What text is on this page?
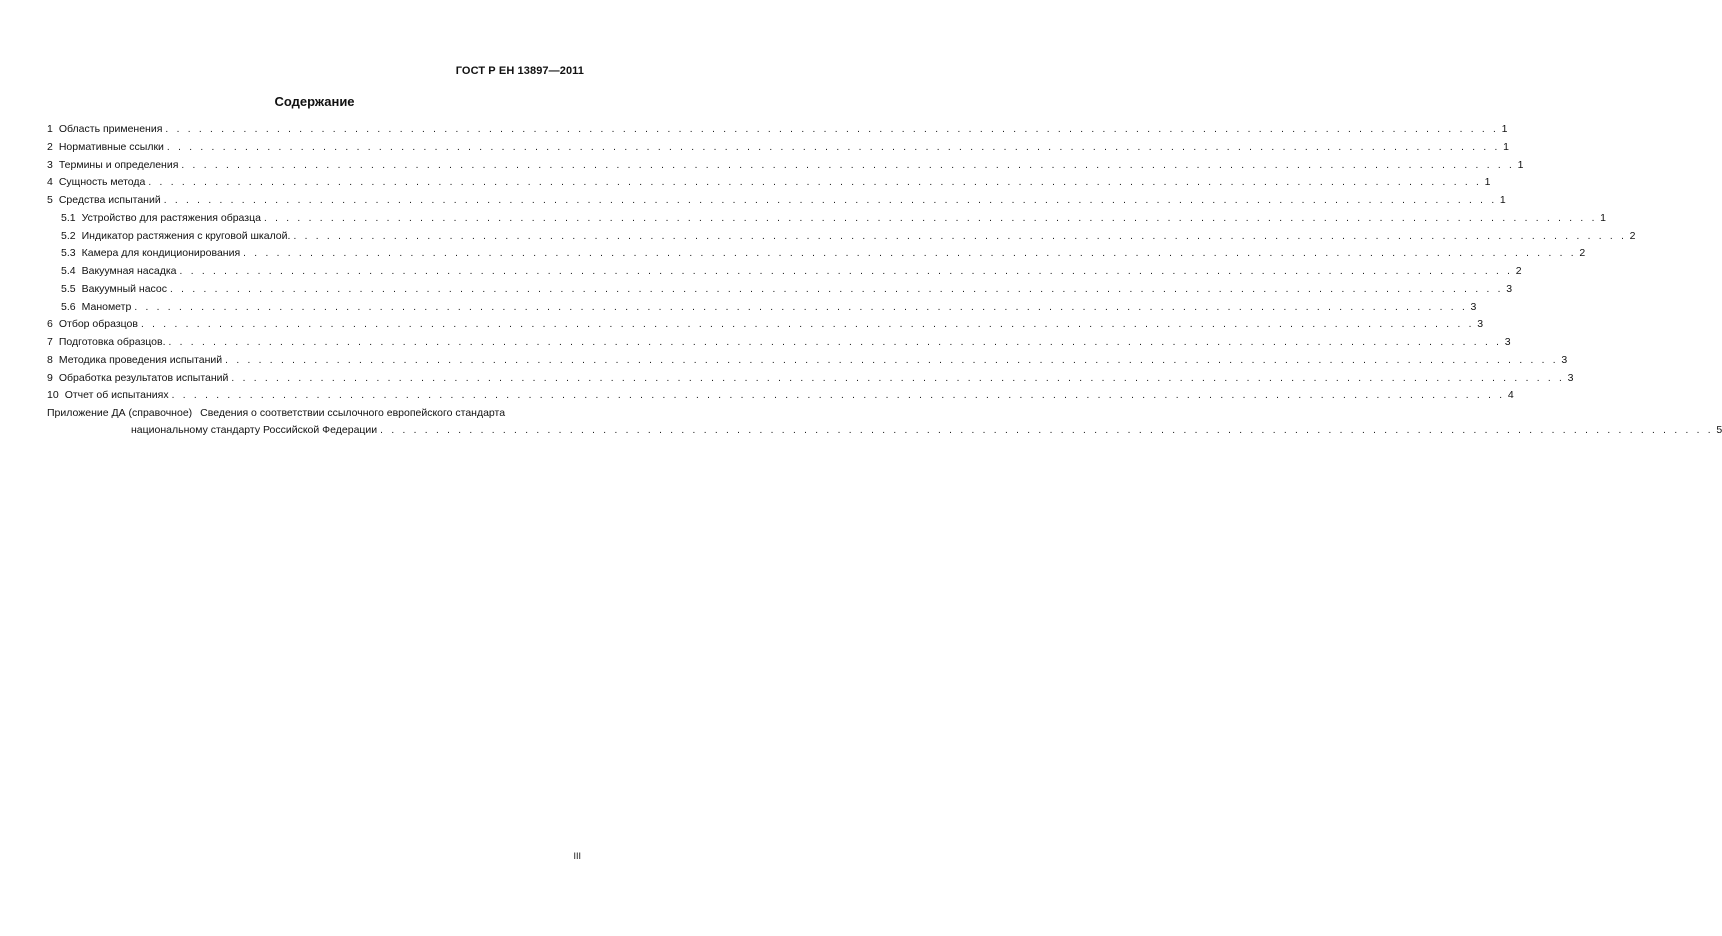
ГОСТ Р ЕН 13897—2011
Содержание
1 Область применения . . . . . . . . . . . . . . . . . . . . . . . . . . . . . . . . . . . . . . . . . . . . . . . . . . . . . . . . . . . . . . . . . . . . . . . . . . . . . . . . . . . . . . . . . . . . . . . . . . . . . . . . . . . . . . . . . . . . . . . . 1
2 Нормативные ссылки . . . . . . . . . . . . . . . . . . . . . . . . . . . . . . . . . . . . . . . . . . . . . . . . . . . . . . . . . . . . . . . . . . . . . . . . . . . . . . . . . . . . . . . . . . . . . . . . . . . . . . . . . . . . . . . . . . . . . . . . 1
3 Термины и определения . . . . . . . . . . . . . . . . . . . . . . . . . . . . . . . . . . . . . . . . . . . . . . . . . . . . . . . . . . . . . . . . . . . . . . . . . . . . . . . . . . . . . . . . . . . . . . . . . . . . . . . . . . . . . . . . . . . . . . . . 1
4 Сущность метода . . . . . . . . . . . . . . . . . . . . . . . . . . . . . . . . . . . . . . . . . . . . . . . . . . . . . . . . . . . . . . . . . . . . . . . . . . . . . . . . . . . . . . . . . . . . . . . . . . . . . . . . . . . . . . . . . . . . . . . . 1
5 Средства испытаний . . . . . . . . . . . . . . . . . . . . . . . . . . . . . . . . . . . . . . . . . . . . . . . . . . . . . . . . . . . . . . . . . . . . . . . . . . . . . . . . . . . . . . . . . . . . . . . . . . . . . . . . . . . . . . . . . . . . . . . . 1
5.1 Устройство для растяжения образца . . . . . . . . . . . . . . . . . . . . . . . . . . . . . . . . . . . . . . . . . . . . . . . . . . . . . . . . . . . . . . . . . . . . . . . . . . . . . . . . . . . . . . . . . . . . . . . . . . . . . . . . . . . . . . . . . . . . . . . . 1
5.2 Индикатор растяжения с круговой шкалой. . . . . . . . . . . . . . . . . . . . . . . . . . . . . . . . . . . . . . . . . . . . . . . . . . . . . . . . . . . . . . . . . . . . . . . . . . . . . . . . . . . . . . . . . . . . . . . . . . . . . . . . . . . . . . . . . . . . . . . . . 2
5.3 Камера для кондиционирования . . . . . . . . . . . . . . . . . . . . . . . . . . . . . . . . . . . . . . . . . . . . . . . . . . . . . . . . . . . . . . . . . . . . . . . . . . . . . . . . . . . . . . . . . . . . . . . . . . . . . . . . . . . . . . . . . . . . . . . . 2
5.4 Вакуумная насадка . . . . . . . . . . . . . . . . . . . . . . . . . . . . . . . . . . . . . . . . . . . . . . . . . . . . . . . . . . . . . . . . . . . . . . . . . . . . . . . . . . . . . . . . . . . . . . . . . . . . . . . . . . . . . . . . . . . . . . . . 2
5.5 Вакуумный насос . . . . . . . . . . . . . . . . . . . . . . . . . . . . . . . . . . . . . . . . . . . . . . . . . . . . . . . . . . . . . . . . . . . . . . . . . . . . . . . . . . . . . . . . . . . . . . . . . . . . . . . . . . . . . . . . . . . . . . . . 3
5.6 Манометр . . . . . . . . . . . . . . . . . . . . . . . . . . . . . . . . . . . . . . . . . . . . . . . . . . . . . . . . . . . . . . . . . . . . . . . . . . . . . . . . . . . . . . . . . . . . . . . . . . . . . . . . . . . . . . . . . . . . . . . . 3
6 Отбор образцов . . . . . . . . . . . . . . . . . . . . . . . . . . . . . . . . . . . . . . . . . . . . . . . . . . . . . . . . . . . . . . . . . . . . . . . . . . . . . . . . . . . . . . . . . . . . . . . . . . . . . . . . . . . . . . . . . . . . . . . . 3
7 Подготовка образцов. . . . . . . . . . . . . . . . . . . . . . . . . . . . . . . . . . . . . . . . . . . . . . . . . . . . . . . . . . . . . . . . . . . . . . . . . . . . . . . . . . . . . . . . . . . . . . . . . . . . . . . . . . . . . . . . . . . . . . . . . 3
8 Методика проведения испытаний . . . . . . . . . . . . . . . . . . . . . . . . . . . . . . . . . . . . . . . . . . . . . . . . . . . . . . . . . . . . . . . . . . . . . . . . . . . . . . . . . . . . . . . . . . . . . . . . . . . . . . . . . . . . . . . . . . . . . . . . 3
9 Обработка результатов испытаний . . . . . . . . . . . . . . . . . . . . . . . . . . . . . . . . . . . . . . . . . . . . . . . . . . . . . . . . . . . . . . . . . . . . . . . . . . . . . . . . . . . . . . . . . . . . . . . . . . . . . . . . . . . . . . . . . . . . . . . . 3
10 Отчет об испытаниях . . . . . . . . . . . . . . . . . . . . . . . . . . . . . . . . . . . . . . . . . . . . . . . . . . . . . . . . . . . . . . . . . . . . . . . . . . . . . . . . . . . . . . . . . . . . . . . . . . . . . . . . . . . . . . . . . . . . . . . . 4
Приложение ДА (справочное) Сведения о соответствии ссылочного европейского стандарта
национальному стандарту Российской Федерации . . . . . . . . . . . . . . . . . . . . . . . . . . . . . . . . . . . . . . . . . . . . . . . . . . . . . . . . . . . . . . . . . . . . . . . . . . . . . . . . . . . . . . . . . . . . . . . . . . . . . . . . . . . . . . . . . . . . . . . . 5
III
